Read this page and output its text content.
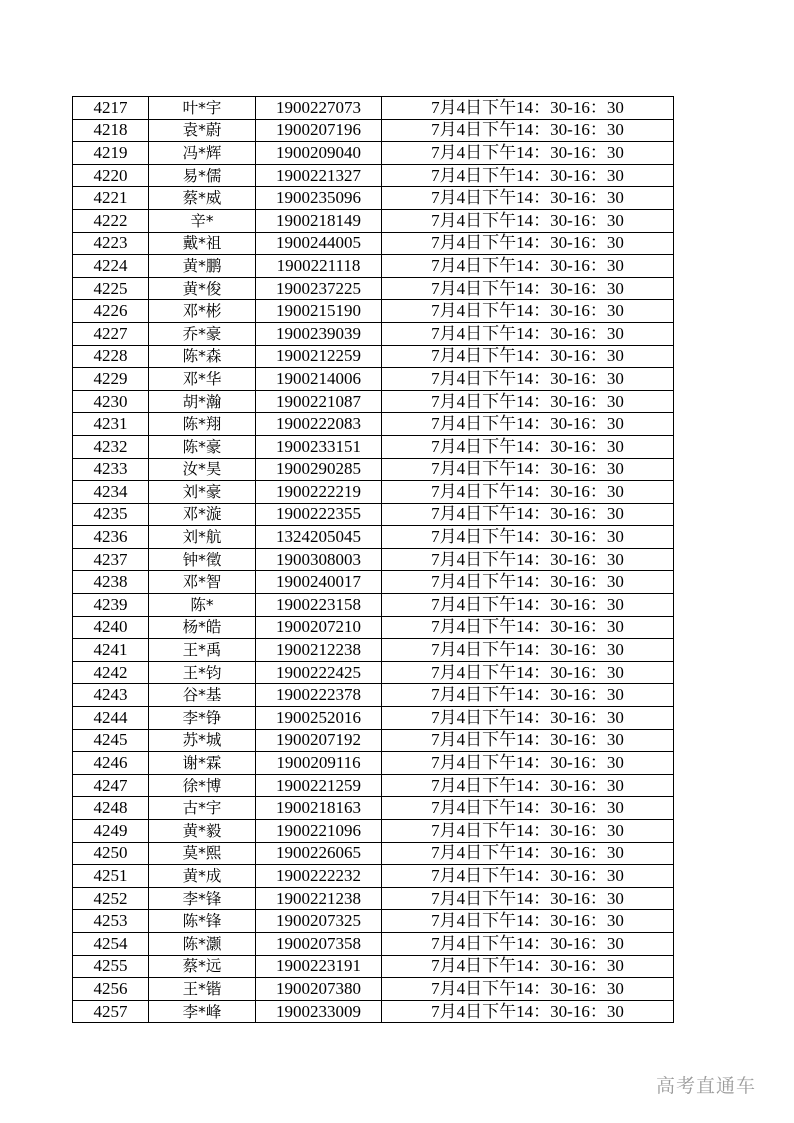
4217	叶*宇	1900227073	7月4日下午14：30-16：30
4218	袁*蔚	1900207196	7月4日下午14：30-16：30
4219	冯*辉	1900209040	7月4日下午14：30-16：30
4220	易*儒	1900221327	7月4日下午14：30-16：30
4221	蔡*威	1900235096	7月4日下午14：30-16：30
4222	辛*	1900218149	7月4日下午14：30-16：30
4223	戴*祖	1900244005	7月4日下午14：30-16：30
4224	黄*鹏	1900221118	7月4日下午14：30-16：30
4225	黄*俊	1900237225	7月4日下午14：30-16：30
4226	邓*彬	1900215190	7月4日下午14：30-16：30
4227	乔*豪	1900239039	7月4日下午14：30-16：30
4228	陈*森	1900212259	7月4日下午14：30-16：30
4229	邓*华	1900214006	7月4日下午14：30-16：30
4230	胡*瀚	1900221087	7月4日下午14：30-16：30
4231	陈*翔	1900222083	7月4日下午14：30-16：30
4232	陈*豪	1900233151	7月4日下午14：30-16：30
4233	汝*昊	1900290285	7月4日下午14：30-16：30
4234	刘*豪	1900222219	7月4日下午14：30-16：30
4235	邓*漩	1900222355	7月4日下午14：30-16：30
4236	刘*航	1324205045	7月4日下午14：30-16：30
4237	钟*徵	1900308003	7月4日下午14：30-16：30
4238	邓*智	1900240017	7月4日下午14：30-16：30
4239	陈*	1900223158	7月4日下午14：30-16：30
4240	杨*皓	1900207210	7月4日下午14：30-16：30
4241	王*禹	1900212238	7月4日下午14：30-16：30
4242	王*钧	1900222425	7月4日下午14：30-16：30
4243	谷*基	1900222378	7月4日下午14：30-16：30
4244	李*铮	1900252016	7月4日下午14：30-16：30
4245	苏*城	1900207192	7月4日下午14：30-16：30
4246	谢*霖	1900209116	7月4日下午14：30-16：30
4247	徐*博	1900221259	7月4日下午14：30-16：30
4248	古*宇	1900218163	7月4日下午14：30-16：30
4249	黄*毅	1900221096	7月4日下午14：30-16：30
4250	莫*熙	1900226065	7月4日下午14：30-16：30
4251	黄*成	1900222232	7月4日下午14：30-16：30
4252	李*锋	1900221238	7月4日下午14：30-16：30
4253	陈*锋	1900207325	7月4日下午14：30-16：30
4254	陈*灏	1900207358	7月4日下午14：30-16：30
4255	蔡*远	1900223191	7月4日下午14：30-16：30
4256	王*锴	1900207380	7月4日下午14：30-16：30
4257	李*峰	1900233009	7月4日下午14：30-16：30
高考直通车
